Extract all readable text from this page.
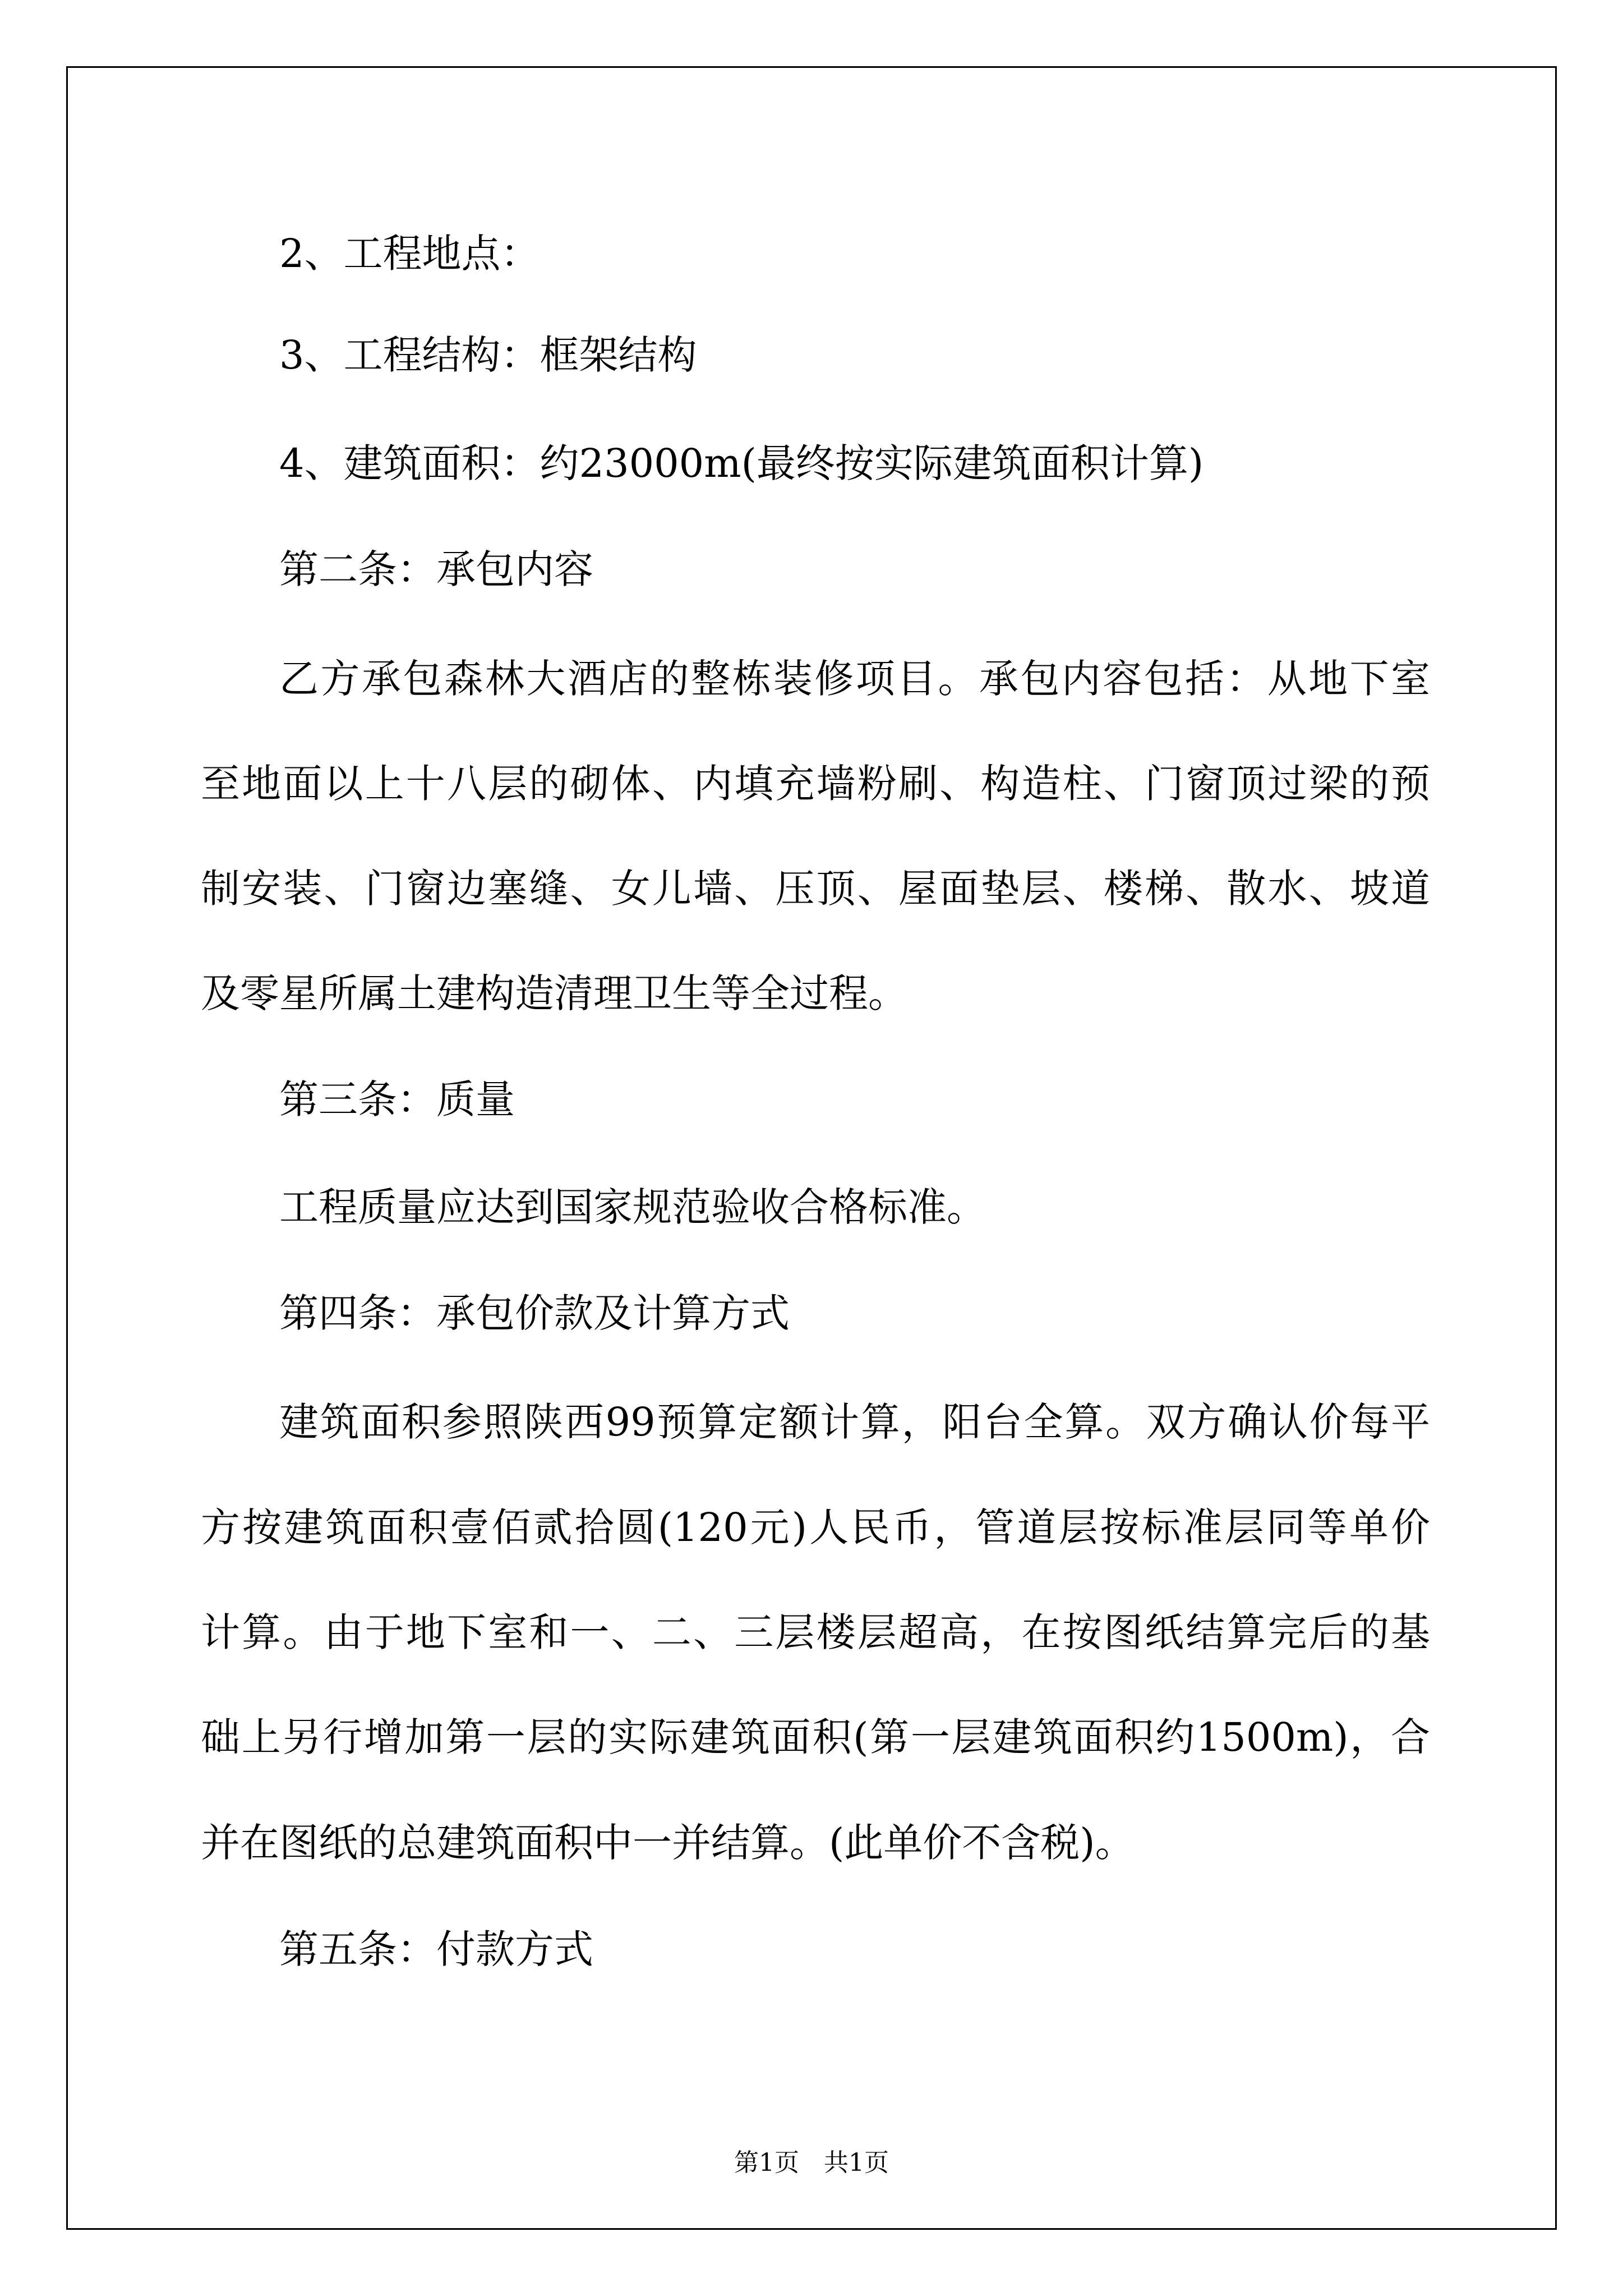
2、工程地点：
3、工程结构：框架结构
4、建筑面积：约23000m(最终按实际建筑面积计算)
第二条：承包内容
乙方承包森林大酒店的整栋装修项目。承包内容包括：从地下室
至地面以上十八层的砌体、内填充墙粉刷、构造柱、门窗顶过梁的预
制安装、门窗边塞缝、女儿墙、压顶、屋面垫层、楼梯、散水、坡道
及零星所属土建构造清理卫生等全过程。
第三条：质量
工程质量应达到国家规范验收合格标准。
第四条：承包价款及计算方式
建筑面积参照陕西99预算定额计算，阳台全算。双方确认价每平
方按建筑面积壹佰贰拾圆(120元)人民币，管道层按标准层同等单价
计算。由于地下室和一、二、三层楼层超高，在按图纸结算完后的基
础上另行增加第一层的实际建筑面积(第一层建筑面积约1500m)，合
并在图纸的总建筑面积中一并结算。(此单价不含税)。
第五条：付款方式
第1页　共1页
